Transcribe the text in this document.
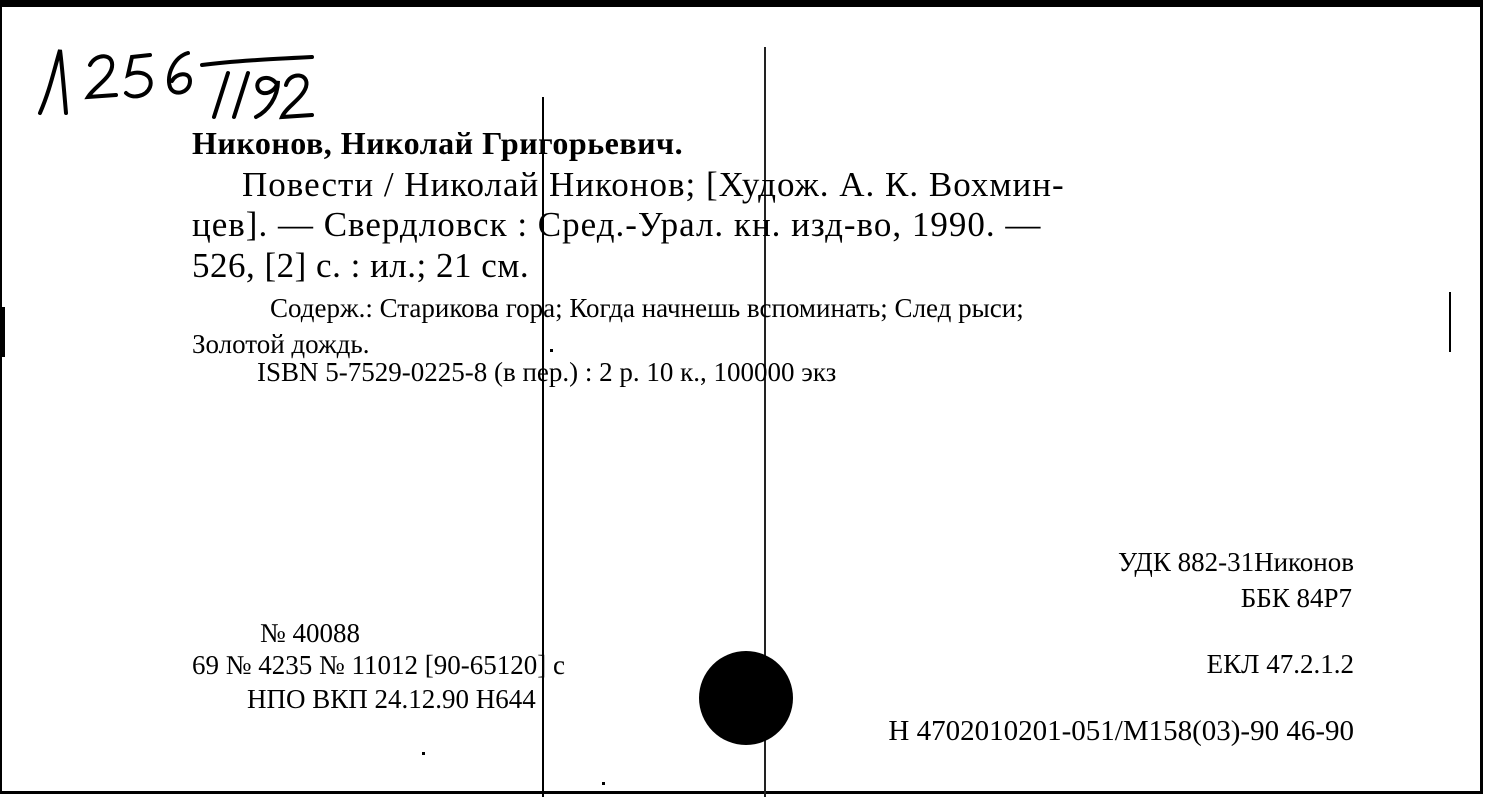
Никонов, Николай Григорьевич.
Повести / Николай Никонов; [Худож. А. К. Вохмин-
цев]. — Свердловск : Сред.-Урал. кн. изд-во, 1990. —
526, [2] с. : ил.; 21 см.
Содерж.: Старикова гора; Когда начнешь вспоминать; След рыси;
Золотой дождь.
ISBN 5-7529-0225-8 (в пер.) : 2 р. 10 к., 100000 экз
УДК 882-31Никонов
ББК 84Р7
ЕКЛ 47.2.1.2
Н 4702010201-051/М158(03)-90 46-90
№ 40088
69 № 4235 № 11012 [90-65120] с
НПО ВКП 24.12.90 Н644
